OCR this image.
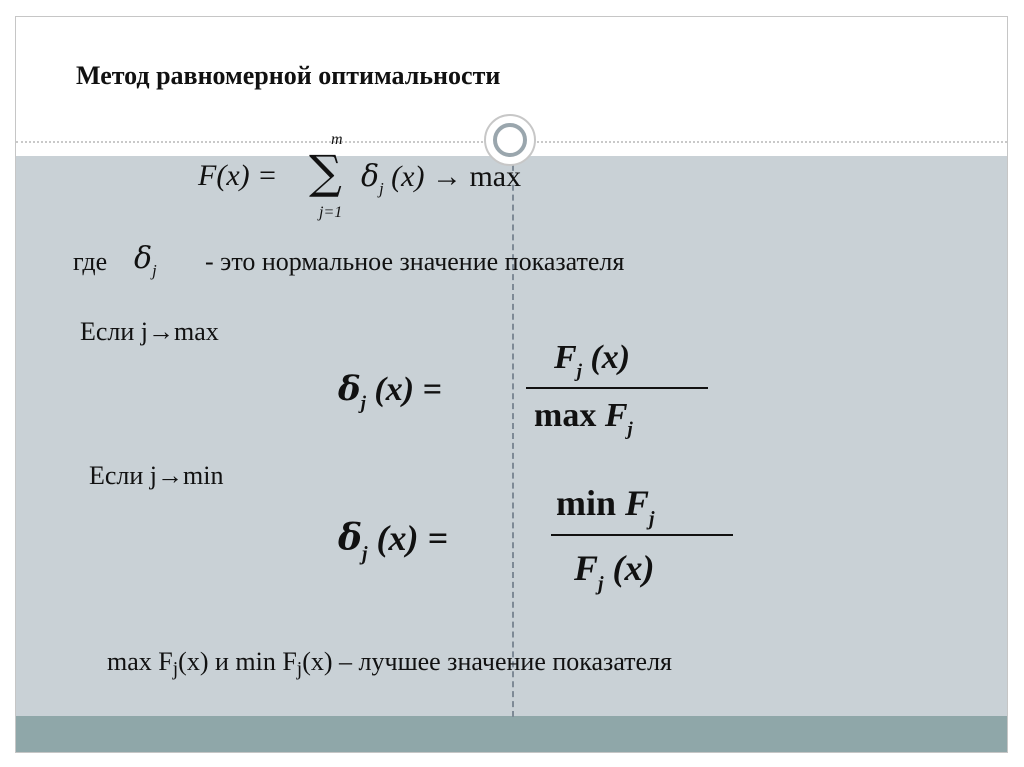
Метод равномерной оптимальности
F(x) = ∑
m
j=1
$\delta_j$ (x) → max
где $\delta_j$ - это нормальное значение показателя
Если j→max
$\delta_j$ (x) =
$F_j$ (x)
$\max F_j$
Если j→min
$\delta_j$ (x) =
$\min F_j$
$F_j$ (x)
max Fj(x) и min Fj(x) – лучшее значение показателя
